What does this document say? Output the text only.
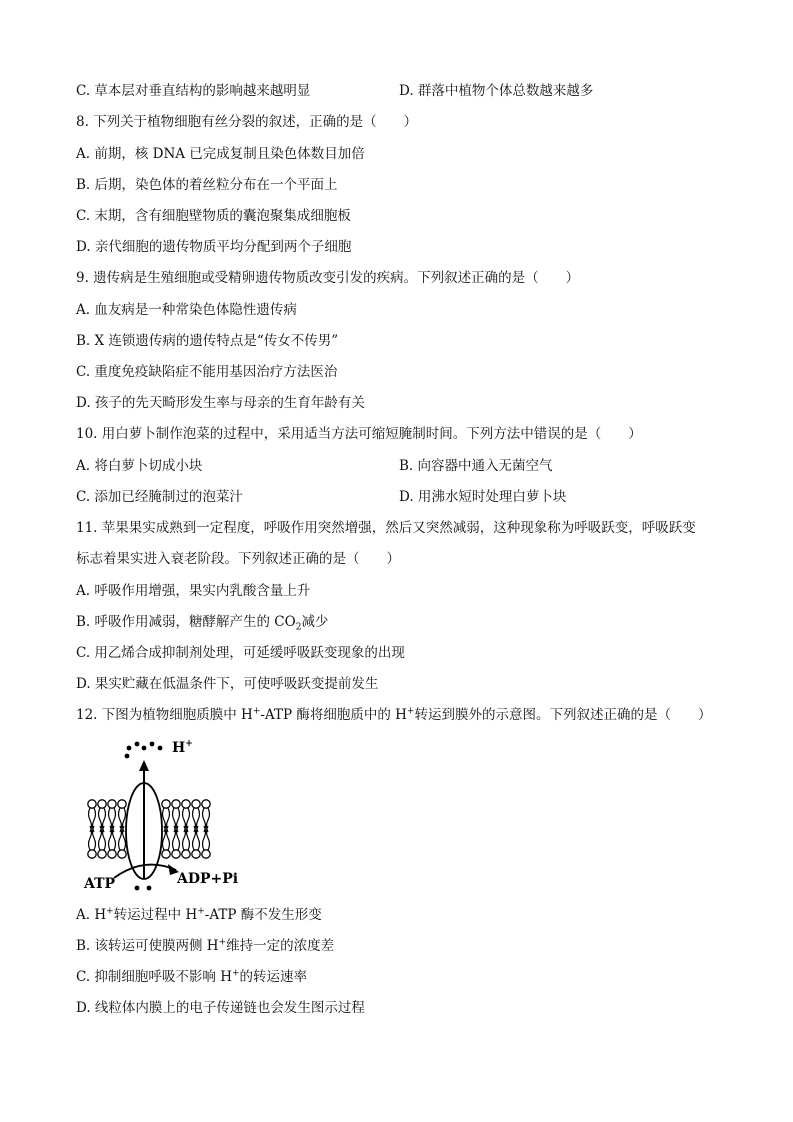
C. 草本层对垂直结构的影响越来越明显	D. 群落中植物个体总数越来越多
8. 下列关于植物细胞有丝分裂的叙述，正确的是（　　）
A. 前期，核 DNA 已完成复制且染色体数目加倍
B. 后期，染色体的着丝粒分布在一个平面上
C. 末期，含有细胞壁物质的囊泡聚集成细胞板
D. 亲代细胞的遗传物质平均分配到两个子细胞
9. 遗传病是生殖细胞或受精卵遗传物质改变引发的疾病。下列叙述正确的是（　　）
A. 血友病是一种常染色体隐性遗传病
B. X 连锁遗传病的遗传特点是“传女不传男”
C. 重度免疫缺陷症不能用基因治疗方法医治
D. 孩子的先天畸形发生率与母亲的生育年龄有关
10. 用白萝卜制作泡菜的过程中，采用适当方法可缩短腌制时间。下列方法中错误的是（　　）
A. 将白萝卜切成小块	B. 向容器中通入无菌空气
C. 添加已经腌制过的泡菜汁	D. 用沸水短时处理白萝卜块
11. 苹果果实成熟到一定程度，呼吸作用突然增强，然后又突然减弱，这种现象称为呼吸跃变，呼吸跃变
标志着果实进入衰老阶段。下列叙述正确的是（　　）
A. 呼吸作用增强，果实内乳酸含量上升
B. 呼吸作用减弱，糖酵解产生的 $CO_2$减少
C. 用乙烯合成抑制剂处理，可延缓呼吸跃变现象的出现
D. 果实贮藏在低温条件下，可使呼吸跃变提前发生
12. 下图为植物细胞质膜中 H+-ATP 酶将细胞质中的 H+转运到膜外的示意图。下列叙述正确的是（　　）
H+
ATP	ADP+Pi
A. H+转运过程中 H+-ATP 酶不发生形变
B. 该转运可使膜两侧 H+维持一定的浓度差
C. 抑制细胞呼吸不影响 H+的转运速率
D. 线粒体内膜上的电子传递链也会发生图示过程
